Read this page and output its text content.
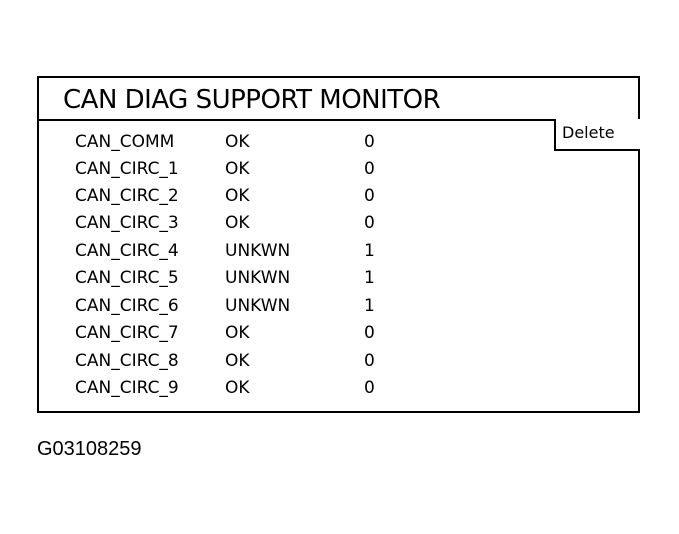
CAN DIAG SUPPORT MONITOR
Delete
CAN_COMM	OK	0
CAN_CIRC_1	OK	0
CAN_CIRC_2	OK	0
CAN_CIRC_3	OK	0
CAN_CIRC_4	UNKWN	1
CAN_CIRC_5	UNKWN	1
CAN_CIRC_6	UNKWN	1
CAN_CIRC_7	OK	0
CAN_CIRC_8	OK	0
CAN_CIRC_9	OK	0
G03108259
